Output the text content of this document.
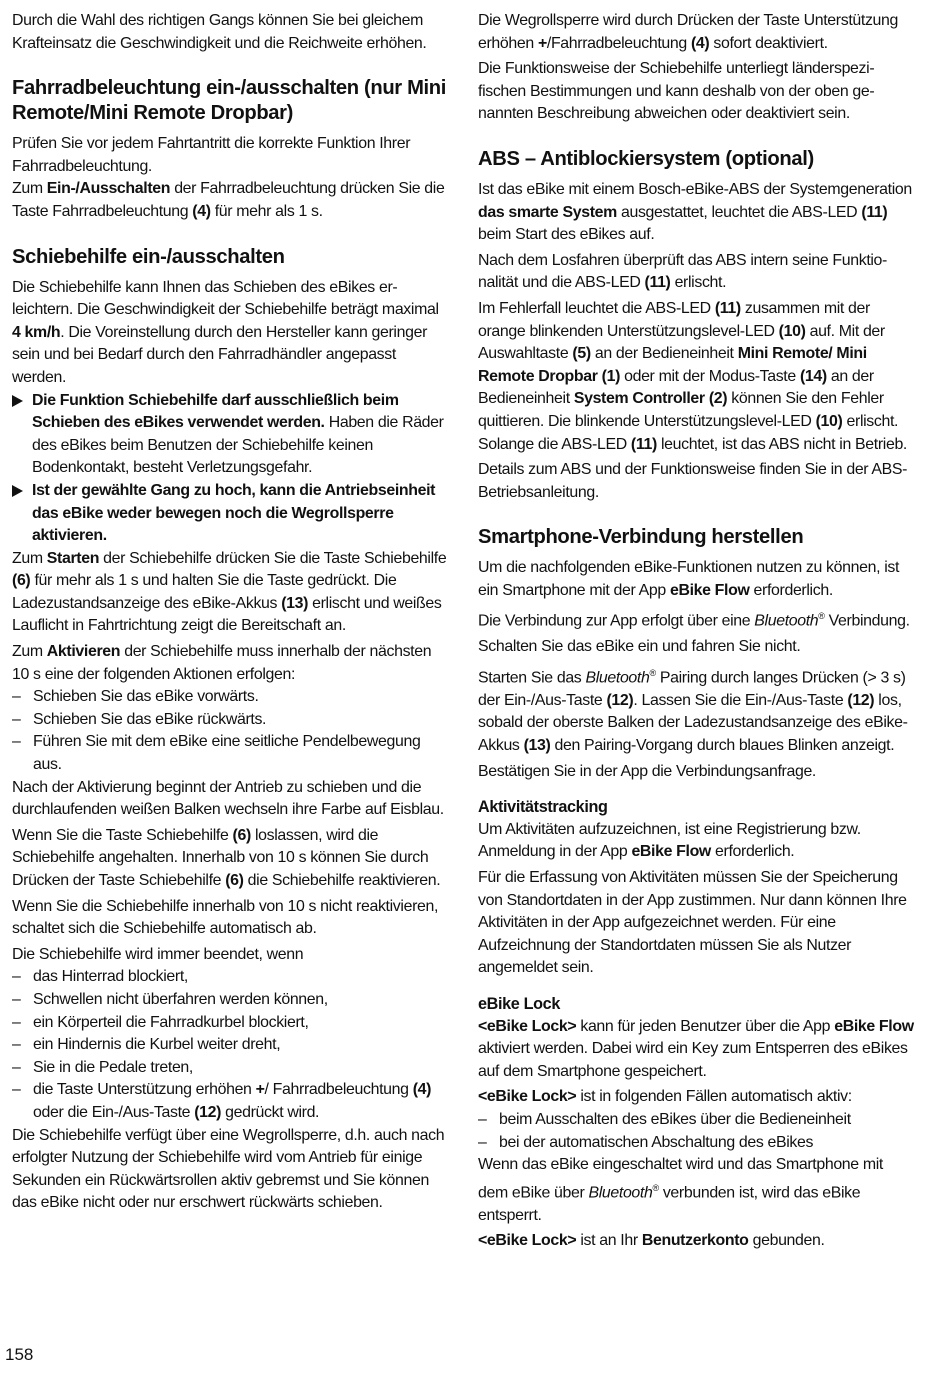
Durch die Wahl des richtigen Gangs können Sie bei gleichem Krafteinsatz die Geschwindigkeit und die Reichweite erhöhen.

Fahrradbeleuchtung ein-/ausschalten (nur Mini Remote/Mini Remote Dropbar)

Prüfen Sie vor jedem Fahrtantritt die korrekte Funktion Ihrer Fahrradbeleuchtung.

Zum Ein-/Ausschalten der Fahrradbeleuchtung drücken Sie die Taste Fahrradbeleuchtung (4) für mehr als 1 s.

Schiebehilfe ein-/ausschalten

Die Schiebehilfe kann Ihnen das Schieben des eBikes erleichtern. Die Geschwindigkeit der Schiebehilfe beträgt maximal 4 km/h. Die Voreinstellung durch den Hersteller kann geringer sein und bei Bedarf durch den Fahrradhändler angepasst werden.

Die Funktion Schiebehilfe darf ausschließlich beim Schieben des eBikes verwendet werden. Haben die Räder des eBikes beim Benutzen der Schiebehilfe keinen Bodenkontakt, besteht Verletzungsgefahr.
Ist der gewählte Gang zu hoch, kann die Antriebseinheit das eBike weder bewegen noch die Wegrollsperre aktivieren.

Zum Starten der Schiebehilfe drücken Sie die Taste Schiebehilfe (6) für mehr als 1 s und halten Sie die Taste gedrückt. Die Ladezustandsanzeige des eBike-Akkus (13) erlischt und weißes Lauflicht in Fahrtrichtung zeigt die Bereitschaft an.

Zum Aktivieren der Schiebehilfe muss innerhalb der nächsten 10 s eine der folgenden Aktionen erfolgen:

– Schieben Sie das eBike vorwärts.
– Schieben Sie das eBike rückwärts.
– Führen Sie mit dem eBike eine seitliche Pendelbewegung aus.

Nach der Aktivierung beginnt der Antrieb zu schieben und die durchlaufenden weißen Balken wechseln ihre Farbe auf Eisblau.

Wenn Sie die Taste Schiebehilfe (6) loslassen, wird die Schiebehilfe angehalten. Innerhalb von 10 s können Sie durch Drücken der Taste Schiebehilfe (6) die Schiebehilfe reaktivieren.

Wenn Sie die Schiebehilfe innerhalb von 10 s nicht reaktivieren, schaltet sich die Schiebehilfe automatisch ab.

Die Schiebehilfe wird immer beendet, wenn

– das Hinterrad blockiert,
– Schwellen nicht überfahren werden können,
– ein Körperteil die Fahrradkurbel blockiert,
– ein Hindernis die Kurbel weiter dreht,
– Sie in die Pedale treten,
– die Taste Unterstützung erhöhen +/ Fahrradbeleuchtung (4) oder die Ein-/Aus-Taste (12) gedrückt wird.

Die Schiebehilfe verfügt über eine Wegrollsperre, d.h. auch nach erfolgter Nutzung der Schiebehilfe wird vom Antrieb für einige Sekunden ein Rückwärtsrollen aktiv gebremst und Sie können das eBike nicht oder nur erschwert rückwärts schieben.

Die Wegrollsperre wird durch Drücken der Taste Unterstützung erhöhen +/Fahrradbeleuchtung (4) sofort deaktiviert.

Die Funktionsweise der Schiebehilfe unterliegt länderspezifischen Bestimmungen und kann deshalb von der oben genannten Beschreibung abweichen oder deaktiviert sein.

ABS – Antiblockiersystem (optional)

Ist das eBike mit einem Bosch-eBike-ABS der Systemgeneration das smarte System ausgestattet, leuchtet die ABS-LED (11) beim Start des eBikes auf.

Nach dem Losfahren überprüft das ABS intern seine Funktionalität und die ABS-LED (11) erlischt.

Im Fehlerfall leuchtet die ABS-LED (11) zusammen mit der orange blinkenden Unterstützungslevel-LED (10) auf. Mit der Auswahltaste (5) an der Bedieneinheit Mini Remote/ Mini Remote Dropbar (1) oder mit der Modus-Taste (14) an der Bedieneinheit System Controller (2) können Sie den Fehler quittieren. Die blinkende Unterstützungslevel-LED (10) erlischt. Solange die ABS-LED (11) leuchtet, ist das ABS nicht in Betrieb.

Details zum ABS und der Funktionsweise finden Sie in der ABS-Betriebsanleitung.

Smartphone-Verbindung herstellen

Um die nachfolgenden eBike-Funktionen nutzen zu können, ist ein Smartphone mit der App eBike Flow erforderlich.

Die Verbindung zur App erfolgt über eine Bluetooth® Verbindung.

Schalten Sie das eBike ein und fahren Sie nicht.

Starten Sie das Bluetooth® Pairing durch langes Drücken (> 3 s) der Ein-/Aus-Taste (12). Lassen Sie die Ein-/Aus-Taste (12) los, sobald der oberste Balken der Ladezustandsanzeige des eBike-Akkus (13) den Pairing-Vorgang durch blaues Blinken anzeigt.

Bestätigen Sie in der App die Verbindungsanfrage.

Aktivitätstracking

Um Aktivitäten aufzuzeichnen, ist eine Registrierung bzw. Anmeldung in der App eBike Flow erforderlich.

Für die Erfassung von Aktivitäten müssen Sie der Speicherung von Standortdaten in der App zustimmen. Nur dann können Ihre Aktivitäten in der App aufgezeichnet werden. Für eine Aufzeichnung der Standortdaten müssen Sie als Nutzer angemeldet sein.

eBike Lock

<eBike Lock> kann für jeden Benutzer über die App eBike Flow aktiviert werden. Dabei wird ein Key zum Entsperren des eBikes auf dem Smartphone gespeichert.

<eBike Lock> ist in folgenden Fällen automatisch aktiv:

– beim Ausschalten des eBikes über die Bedieneinheit
– bei der automatischen Abschaltung des eBikes

Wenn das eBike eingeschaltet wird und das Smartphone mit dem eBike über Bluetooth® verbunden ist, wird das eBike entsperrt.

<eBike Lock> ist an Ihr Benutzerkonto gebunden.

158
